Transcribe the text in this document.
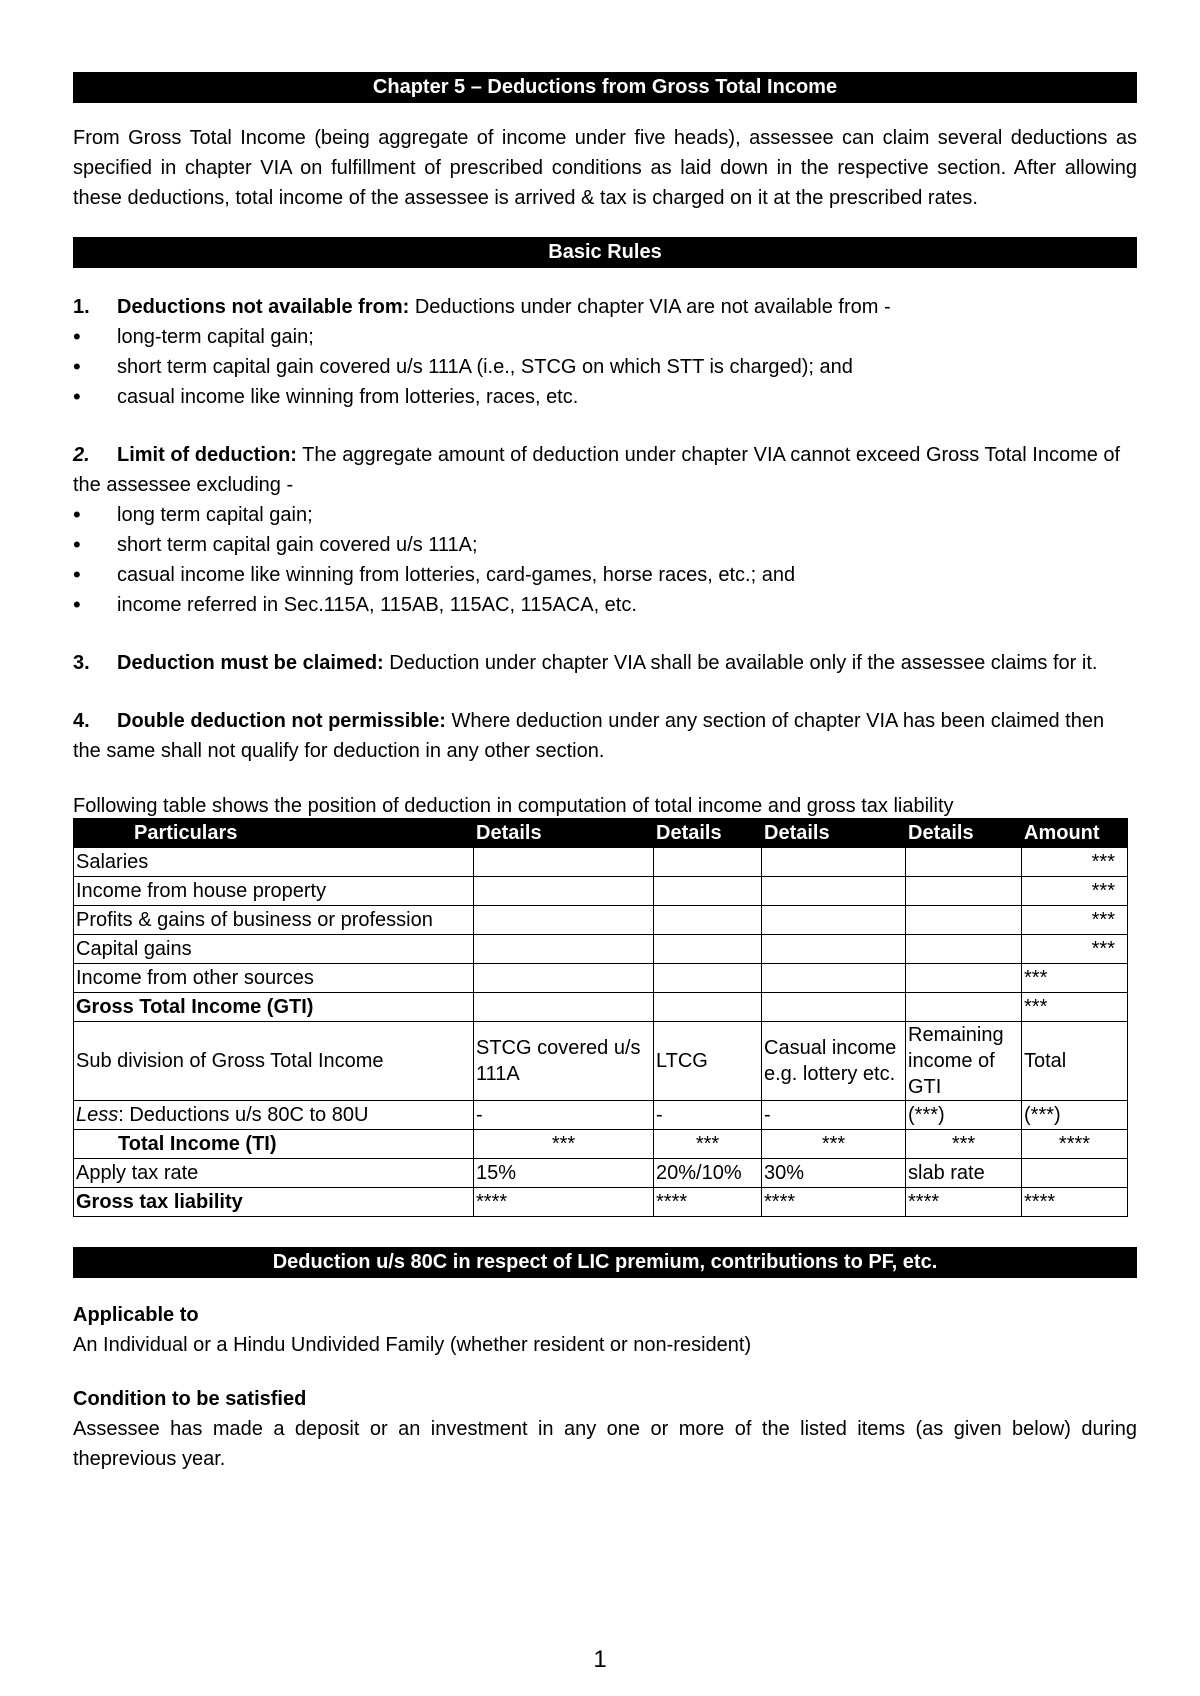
Chapter 5 – Deductions from Gross Total Income

From Gross Total Income (being aggregate of income under five heads), assessee can claim several deductions as specified in chapter VIA on fulfillment of prescribed conditions as laid down in the respective section. After allowing these deductions, total income of the assessee is arrived & tax is charged on it at the prescribed rates.

Basic Rules

1. Deductions not available from: Deductions under chapter VIA are not available from -

• long-term capital gain;
• short term capital gain covered u/s 111A (i.e., STCG on which STT is charged); and
• casual income like winning from lotteries, races, etc.

2. Limit of deduction: The aggregate amount of deduction under chapter VIA cannot exceed Gross Total Income of the assessee excluding -

• long term capital gain;
• short term capital gain covered u/s 111A;
• casual income like winning from lotteries, card-games, horse races, etc.; and
• income referred in Sec.115A, 115AB, 115AC, 115ACA, etc.

3. Deduction must be claimed: Deduction under chapter VIA shall be available only if the assessee claims for it.

4. Double deduction not permissible: Where deduction under any section of chapter VIA has been claimed then the same shall not qualify for deduction in any other section.

Following table shows the position of deduction in computation of total income and gross tax liability

Particulars	Details	Details	Details	Details	Amount
Salaries					***
Income from house property					***
Profits & gains of business or profession					***
Capital gains					***
Income from other sources					***
Gross Total Income (GTI)					***
Sub division of Gross Total Income	STCG covered u/s 111A	LTCG	Casual income e.g. lottery etc.	Remaining income of GTI	Total
Less: Deductions u/s 80C to 80U	-	-	-	(***)	(***)
Total Income (TI)	***	***	***	***	****
Apply tax rate	15%	20%/10%	30%	slab rate	
Gross tax liability	****	****	****	****	****
Deduction u/s 80C in respect of LIC premium, contributions to PF, etc.

Applicable to

An Individual or a Hindu Undivided Family (whether resident or non-resident)

Condition to be satisfied

Assessee has made a deposit or an investment in any one or more of the listed items (as given below) during theprevious year.

1
